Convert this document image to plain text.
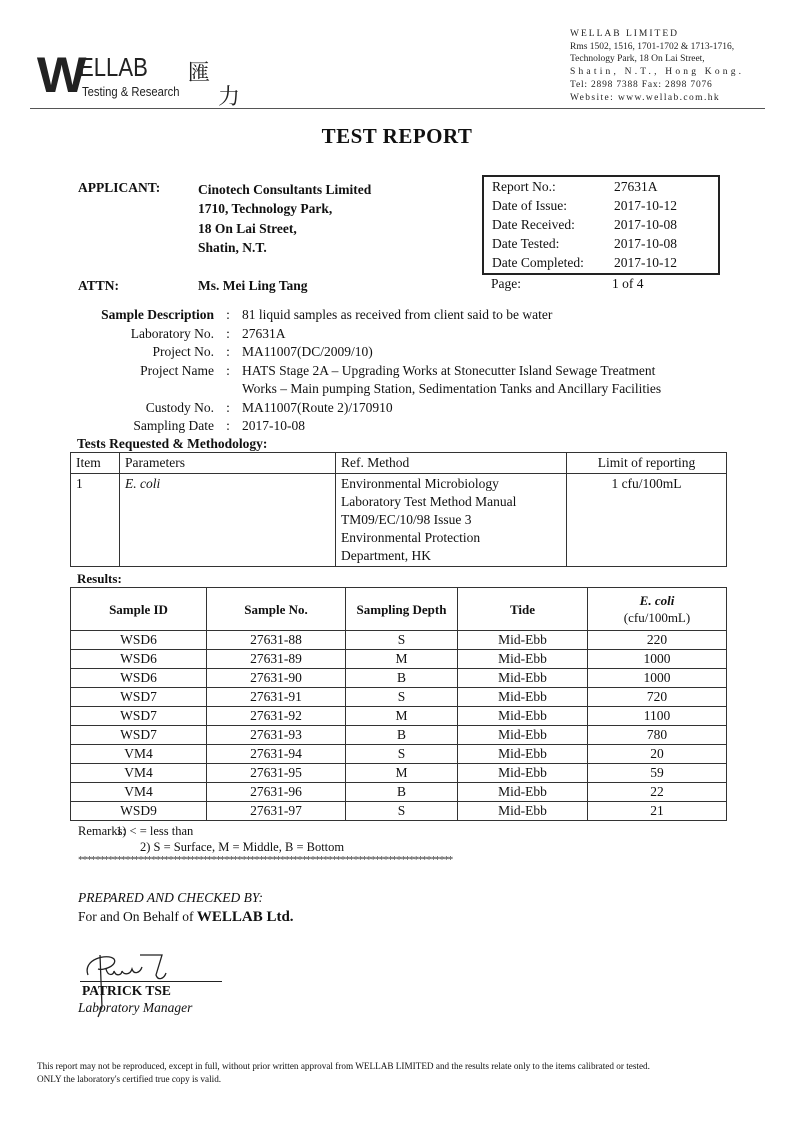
W
ELLAB
Testing & Research
匯
力
WELLAB LIMITED
Rms 1502, 1516, 1701-1702 & 1713-1716,
Technology Park, 18 On Lai Street,
Shatin, N.T., Hong Kong.
Tel: 2898 7388 Fax: 2898 7076
Website: www.wellab.com.hk
TEST REPORT
APPLICANT:	Cinotech Consultants Limited
1710, Technology Park,
18 On Lai Street,
Shatin, N.T.
ATTN:	Ms. Mei Ling Tang
Report No.:	27631A
Date of Issue:	2017-10-12
Date Received:	2017-10-08
Date Tested:	2017-10-08
Date Completed: 2017-10-12
Page:	1 of 4
Sample Description : 81 liquid samples as received from client said to be water
Laboratory No. : 27631A
Project No. : MA11007(DC/2009/10)
Project Name : HATS Stage 2A – Upgrading Works at Stonecutter Island Sewage Treatment
Works – Main pumping Station, Sedimentation Tanks and Ancillary Facilities
Custody No. : MA11007(Route 2)/170910
Sampling Date : 2017-10-08
Tests Requested & Methodology:
Item	Parameters	Ref. Method	Limit of reporting
1	E. coli	Environmental Microbiology
Laboratory Test Method Manual
TM09/EC/10/98 Issue 3
Environmental Protection
Department, HK	1 cfu/100mL
Results:
Sample ID	Sample No.	Sampling Depth	Tide	E. coli
(cfu/100mL)

WSD6	27631-88	S	Mid-Ebb	220
WSD6	27631-89	M	Mid-Ebb	1000
WSD6	27631-90	B	Mid-Ebb	1000
WSD7	27631-91	S	Mid-Ebb	720
WSD7	27631-92	M	Mid-Ebb	1100
WSD7	27631-93	B	Mid-Ebb	780
VM4	27631-94	S	Mid-Ebb	20
VM4	27631-95	M	Mid-Ebb	59
VM4	27631-96	B	Mid-Ebb	22
WSD9	27631-97	S	Mid-Ebb	21
Remarks:1) < = less than
2) S = Surface, M = Middle, B = Bottom
***************************************************************************************
PREPARED AND CHECKED BY:
For and On Behalf of WELLAB Ltd.
PATRICK TSE
Laboratory Manager
This report may not be reproduced, except in full, without prior written approval from WELLAB LIMITED and the results relate only to the items calibrated or tested.
ONLY the laboratory's certified true copy is valid.
